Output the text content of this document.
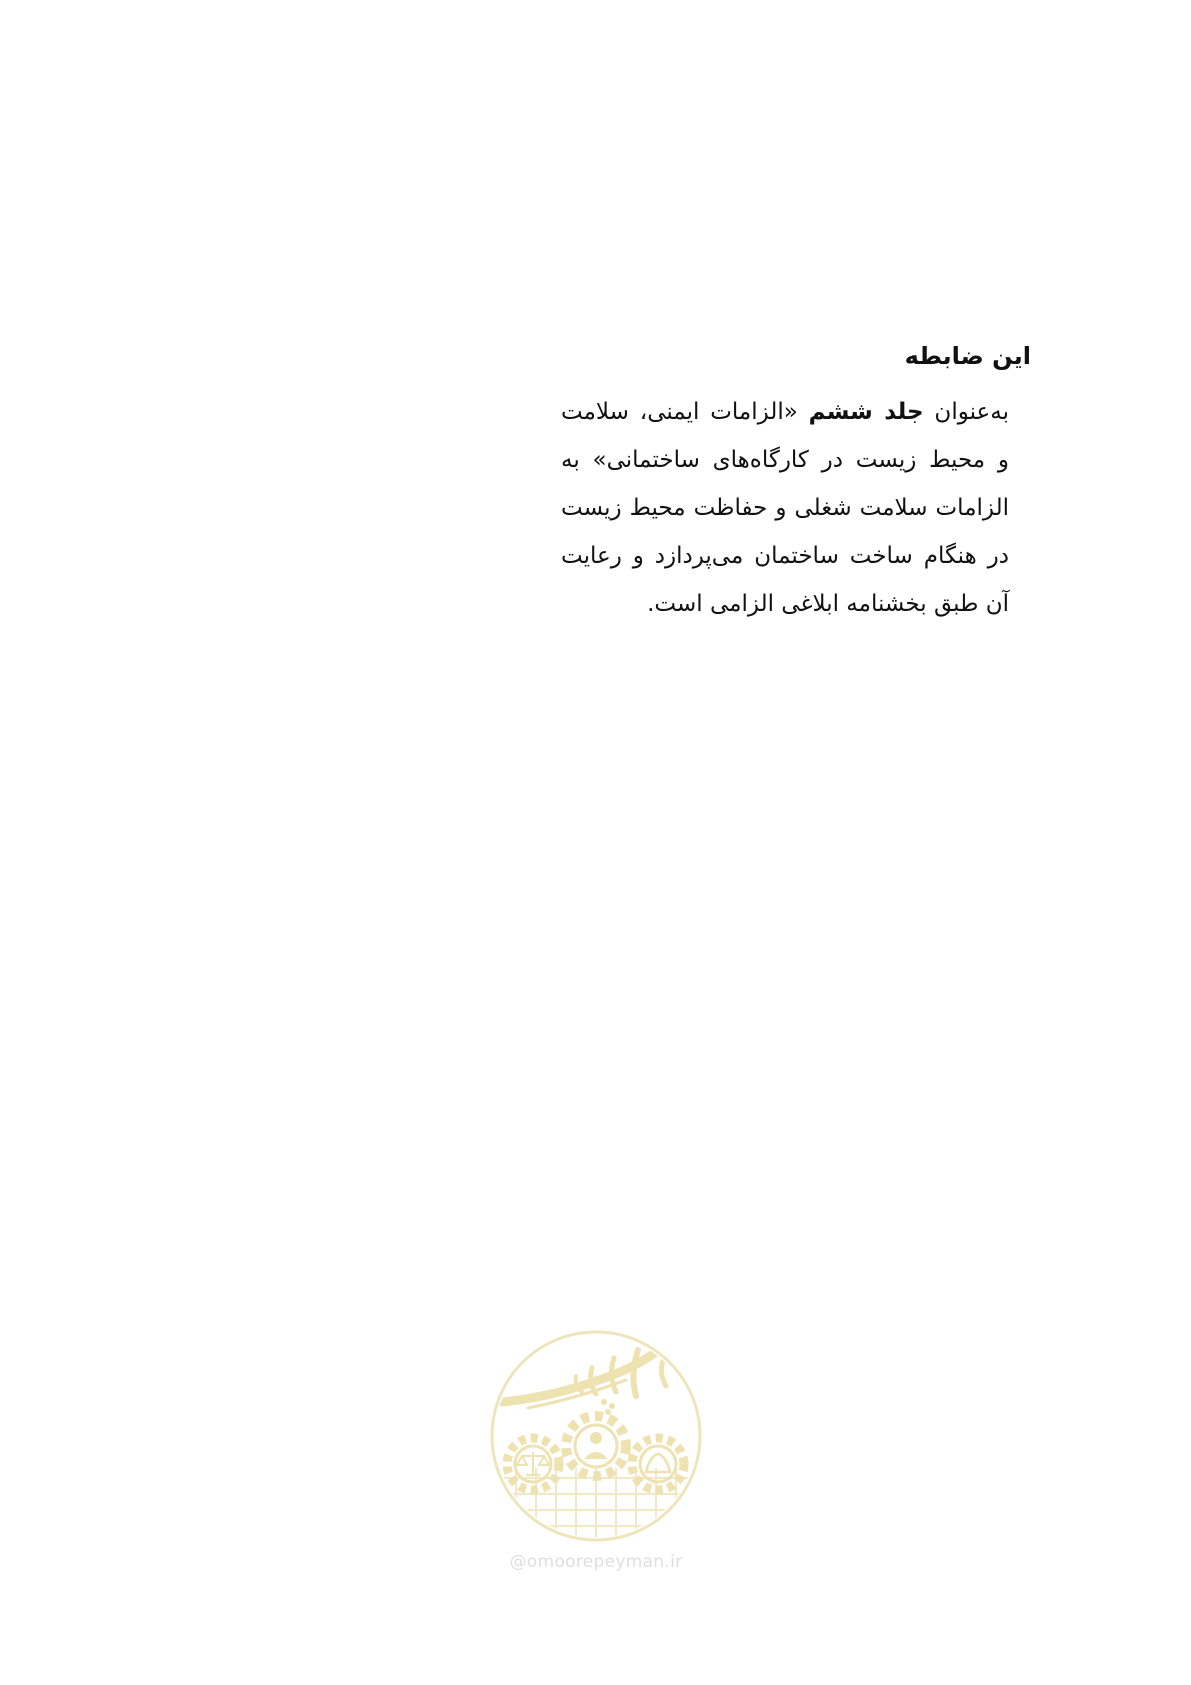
این ضابطه

به‌عنوان جلد ششم «الزامات ایمنی، سلامت و محیط زیست در کارگاه‌های ساختمانی» به الزامات سلامت شغلی و حفاظت محیط زیست در هنگام ساخت ساختمان می‌پردازد و رعایت آن طبق بخشنامه ابلاغی الزامی است.

@omoorepeyman.ir
